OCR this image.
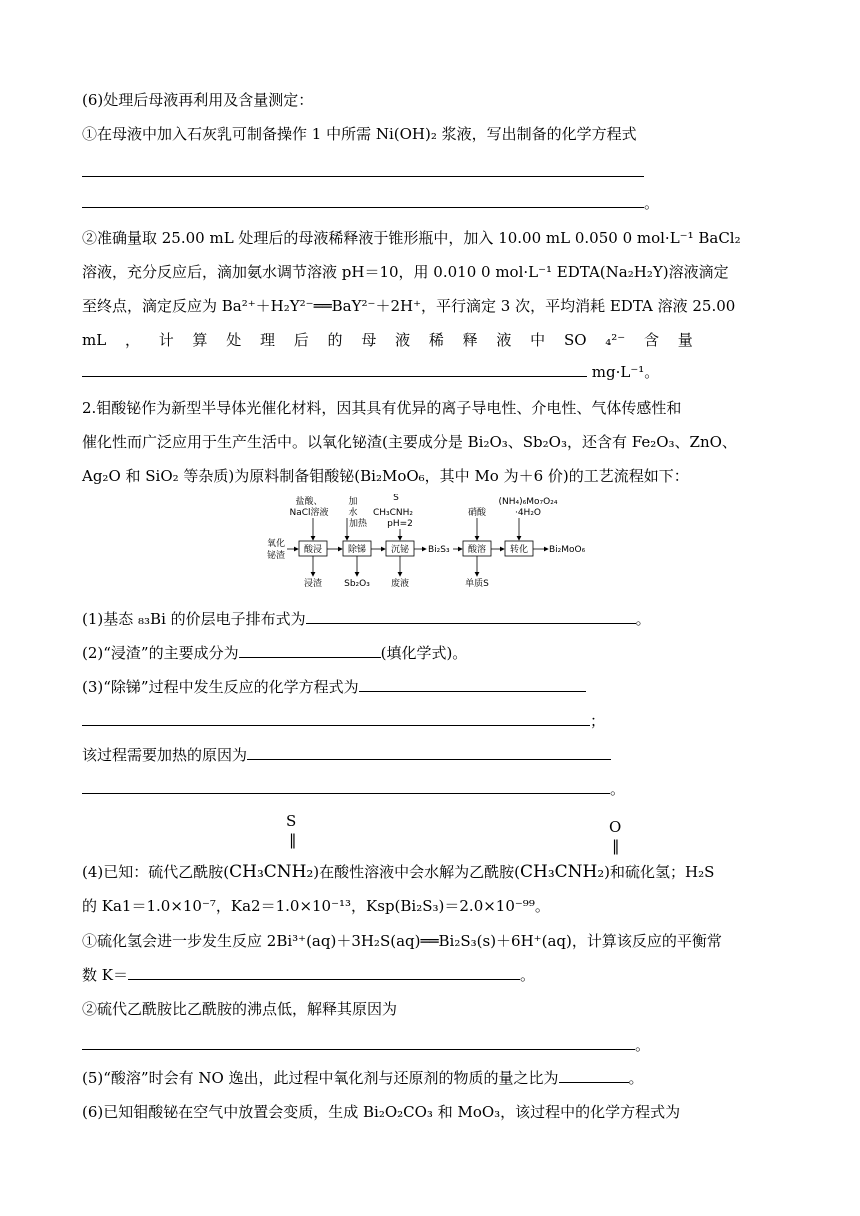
(6)处理后母液再利用及含量测定：
①在母液中加入石灰乳可制备操作 1 中所需 Ni(OH)₂ 浆液，写出制备的化学方程式
。
②准确量取 25.00 mL 处理后的母液稀释液于锥形瓶中，加入 10.00 mL 0.050 0 mol·L⁻¹ BaCl₂
溶液，充分反应后，滴加氨水调节溶液 pH＝10，用 0.010 0 mol·L⁻¹ EDTA(Na₂H₂Y)溶液滴定
至终点，滴定反应为 Ba²⁺＋H₂Y²⁻══BaY²⁻＋2H⁺，平行滴定 3 次，平均消耗 EDTA 溶液 25.00
mL ， 计 算 处 理 后 的 母 液 稀 释 液 中 SO ₄²⁻ 含 量
mg·L⁻¹。
2.钼酸铋作为新型半导体光催化材料，因其具有优异的离子导电性、介电性、气体传感性和
催化性而广泛应用于生产生活中。以氧化铋渣(主要成分是 Bi₂O₃、Sb₂O₃，还含有 Fe₂O₃、ZnO、
Ag₂O 和 SiO₂ 等杂质)为原料制备钼酸铋(Bi₂MoO₆，其中 Mo 为＋6 价)的工艺流程如下：
盐酸、
NaCl溶液
加
水
加热
S
CH₃CNH₂
pH=2
硝酸
(NH₄)₆Mo₇O₂₄
·4H₂O
氧化
铋渣
酸浸	除锑	沉铋	酸溶	转化
Bi₂S₃	Bi₂MoO₆
浸渣 Sb₂O₃ 废液	单质S
(1)基态 ₈₃Bi 的价层电子排布式为	。
(2)“浸渣”的主要成分为	(填化学式)。
(3)“除锑”过程中发生反应的化学方程式为
；
该过程需要加热的原因为
。
S
‖
O
‖
(4)已知：硫代乙酰胺(CH₃CNH₂)在酸性溶液中会水解为乙酰胺(CH₃CNH₂)和硫化氢；H₂S
的 Ka1＝1.0×10⁻⁷，Ka2＝1.0×10⁻¹³，Ksp(Bi₂S₃)＝2.0×10⁻⁹⁹。
①硫化氢会进一步发生反应 2Bi³⁺(aq)＋3H₂S(aq)══Bi₂S₃(s)＋6H⁺(aq)，计算该反应的平衡常
数 K＝	。
②硫代乙酰胺比乙酰胺的沸点低，解释其原因为
。
(5)“酸溶”时会有 NO 逸出，此过程中氧化剂与还原剂的物质的量之比为	。
(6)已知钼酸铋在空气中放置会变质，生成 Bi₂O₂CO₃ 和 MoO₃，该过程中的化学方程式为
